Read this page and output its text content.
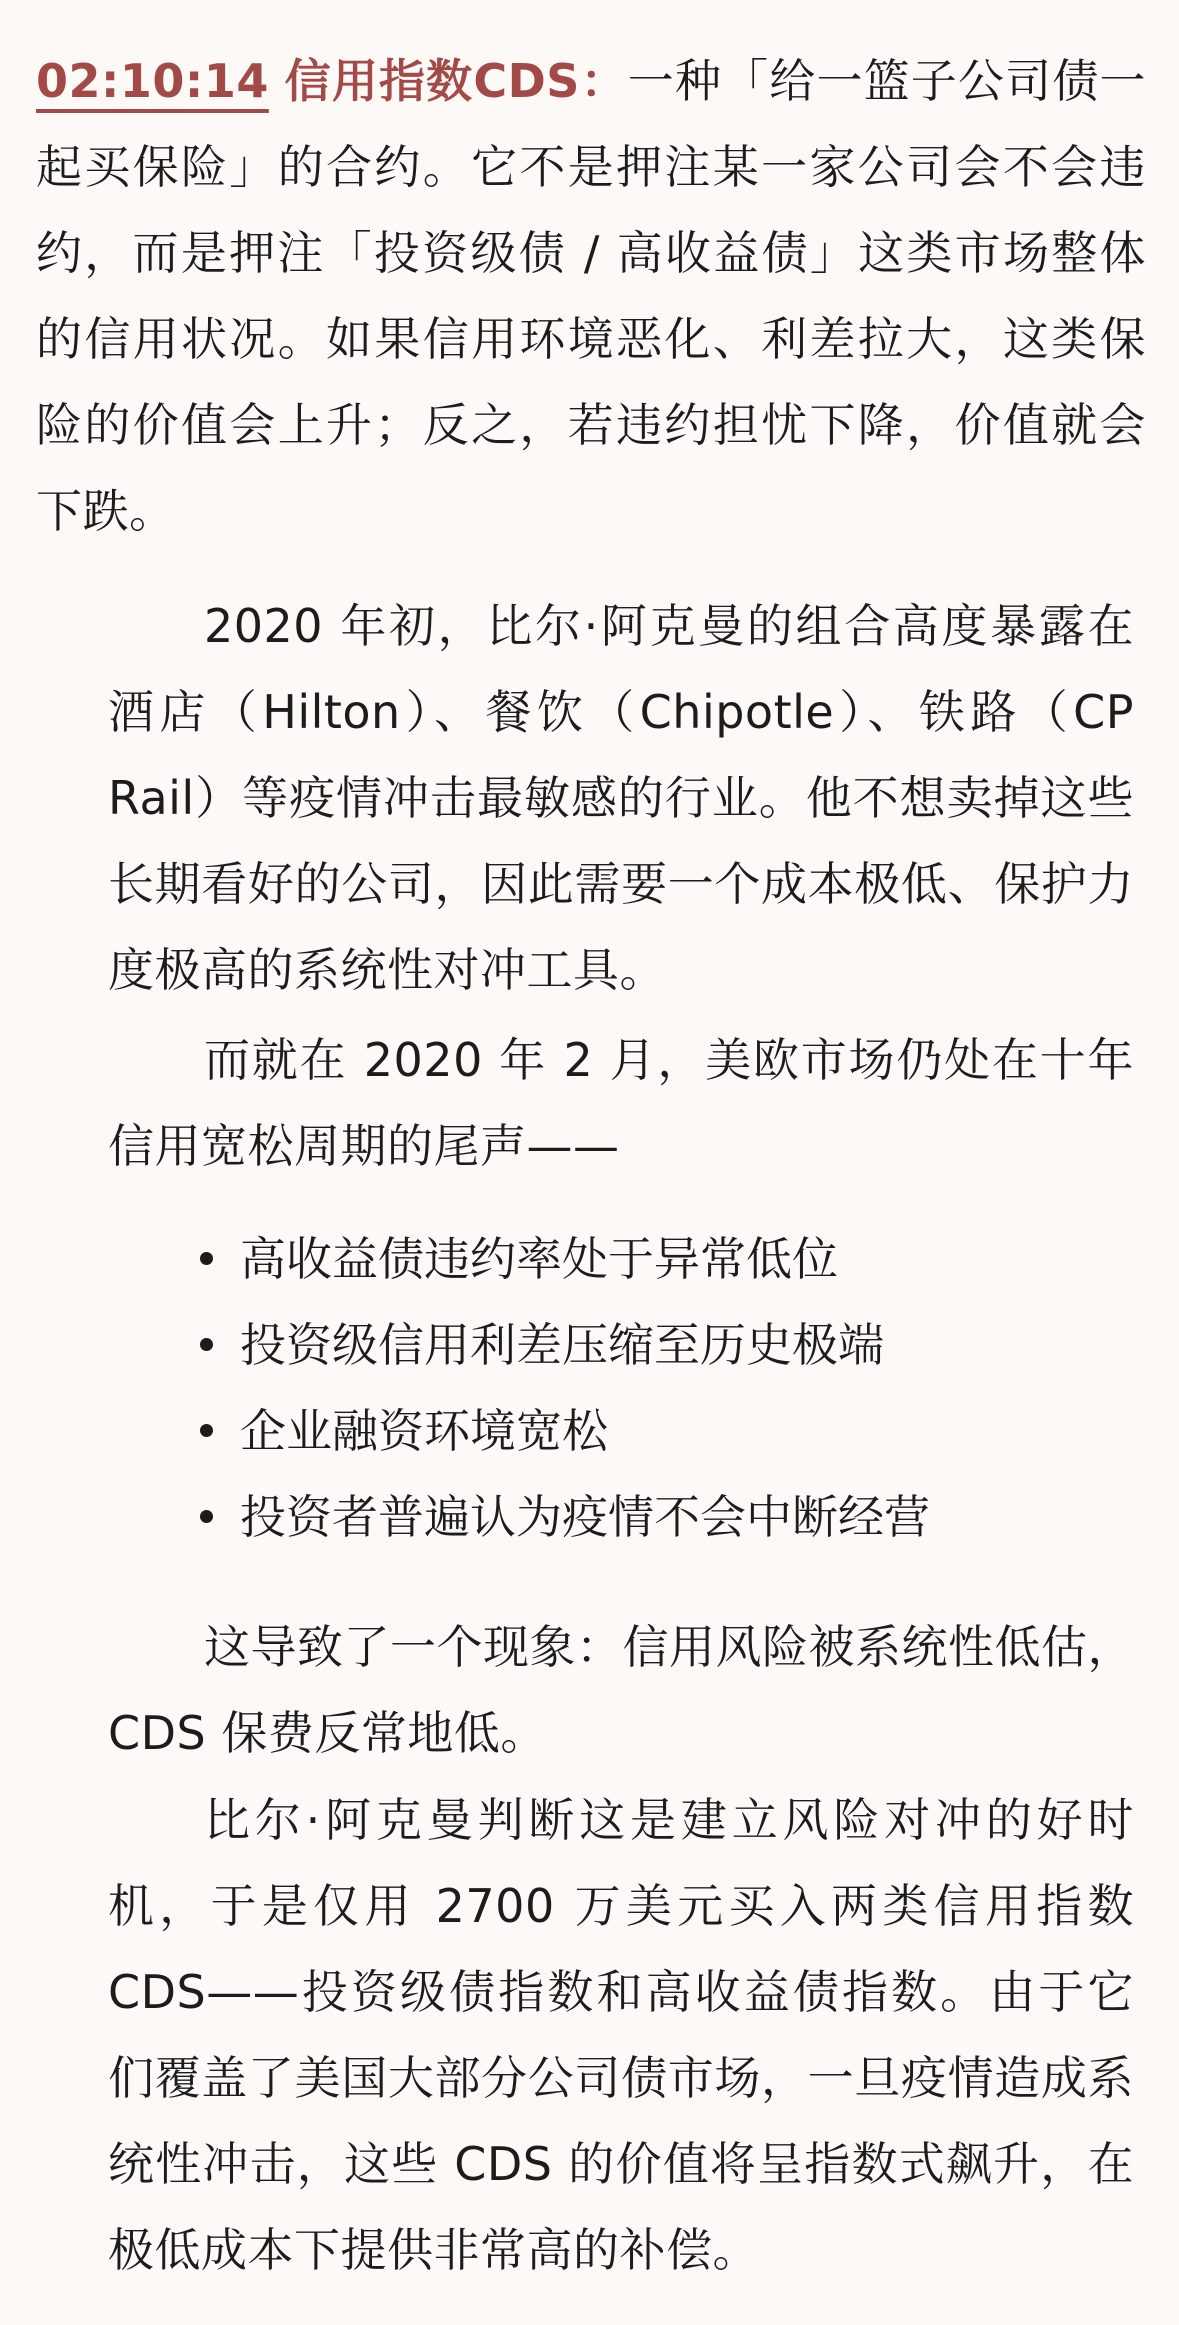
02:10:14 信用指数CDS：一种「给一篮子公司债一起买保险」的合约。它不是押注某一家公司会不会违约，而是押注「投资级债 / 高收益债」这类市场整体的信用状况。如果信用环境恶化、利差拉大，这类保险的价值会上升；反之，若违约担忧下降，价值就会下跌。

2020 年初，比尔·阿克曼的组合高度暴露在酒店（Hilton）、餐饮（Chipotle）、铁路（CP Rail）等疫情冲击最敏感的行业。他不想卖掉这些长期看好的公司，因此需要一个成本极低、保护力度极高的系统性对冲工具。

而就在 2020 年 2 月，美欧市场仍处在十年信用宽松周期的尾声——

高收益债违约率处于异常低位
投资级信用利差压缩至历史极端
企业融资环境宽松
投资者普遍认为疫情不会中断经营

这导致了一个现象：信用风险被系统性低估，CDS 保费反常地低。

比尔·阿克曼判断这是建立风险对冲的好时机，于是仅用 2700 万美元买入两类信用指数 CDS——投资级债指数和高收益债指数。由于它们覆盖了美国大部分公司债市场，一旦疫情造成系统性冲击，这些 CDS 的价值将呈指数式飙升，在极低成本下提供非常高的补偿。
